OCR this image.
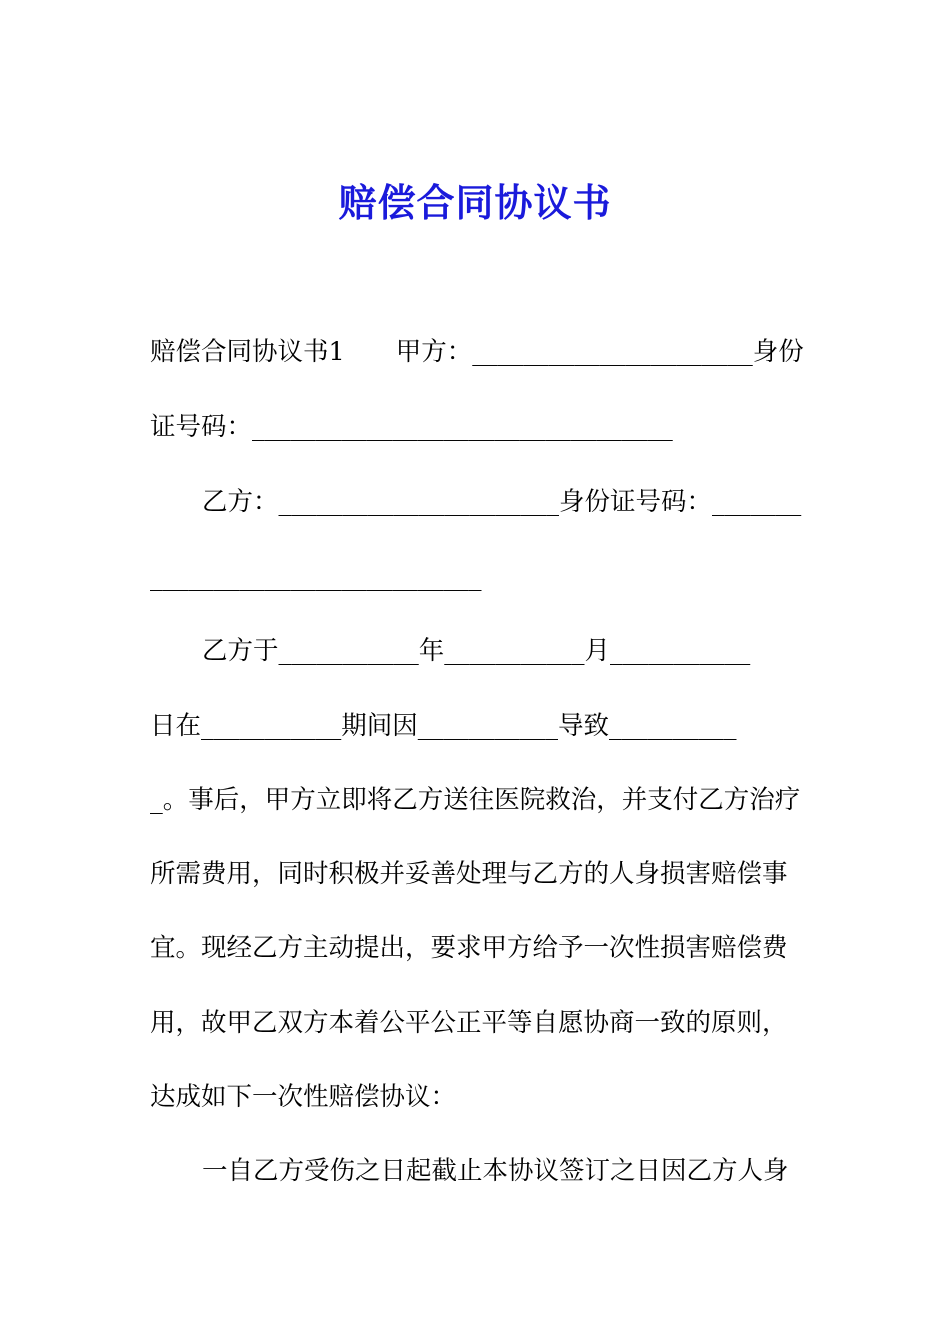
赔偿合同协议书
赔偿合同协议书1　　甲方：______________________身份
证号码：_________________________________
乙方：______________________身份证号码：_______
__________________________
乙方于___________年___________月___________
日在___________期间因___________导致__________
_。事后，甲方立即将乙方送往医院救治，并支付乙方治疗
所需费用，同时积极并妥善处理与乙方的人身损害赔偿事
宜。现经乙方主动提出，要求甲方给予一次性损害赔偿费
用，故甲乙双方本着公平公正平等自愿协商一致的原则，
达成如下一次性赔偿协议：
一自乙方受伤之日起截止本协议签订之日因乙方人身
